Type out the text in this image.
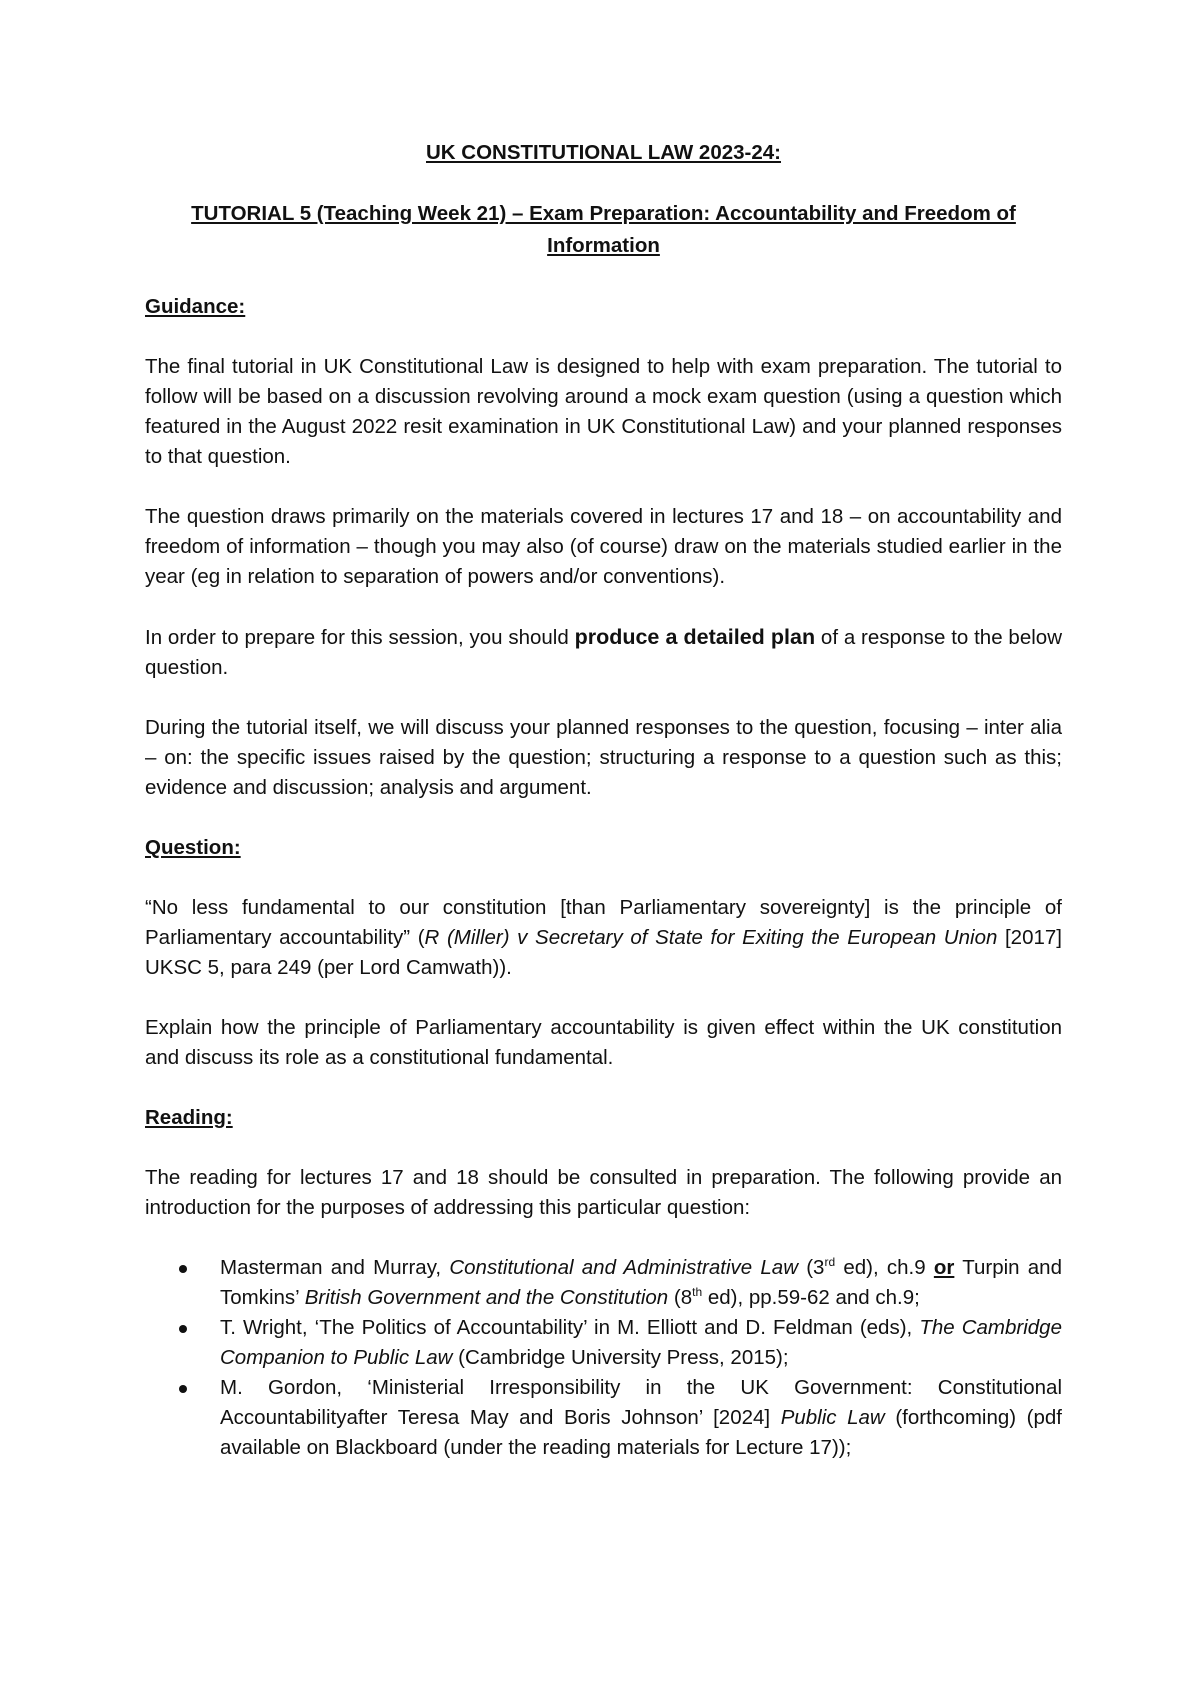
UK CONSTITUTIONAL LAW 2023-24:

TUTORIAL 5 (Teaching Week 21) – Exam Preparation: Accountability and Freedom of Information

Guidance:

The final tutorial in UK Constitutional Law is designed to help with exam preparation. The tutorial to follow will be based on a discussion revolving around a mock exam question (using a question which featured in the August 2022 resit examination in UK Constitutional Law) and your planned responses to that question.

The question draws primarily on the materials covered in lectures 17 and 18 – on accountability and freedom of information – though you may also (of course) draw on the materials studied earlier in the year (eg in relation to separation of powers and/or conventions).

In order to prepare for this session, you should produce a detailed plan of a response to the below question.

During the tutorial itself, we will discuss your planned responses to the question, focusing – inter alia – on: the specific issues raised by the question; structuring a response to a question such as this; evidence and discussion; analysis and argument.

Question:

“No less fundamental to our constitution [than Parliamentary sovereignty] is the principle of Parliamentary accountability” (R (Miller) v Secretary of State for Exiting the European Union [2017] UKSC 5, para 249 (per Lord Camwath)).

Explain how the principle of Parliamentary accountability is given effect within the UK constitution and discuss its role as a constitutional fundamental.

Reading:

The reading for lectures 17 and 18 should be consulted in preparation. The following provide an introduction for the purposes of addressing this particular question:

Masterman and Murray, Constitutional and Administrative Law (3rd ed), ch.9 or Turpin and Tomkins’ British Government and the Constitution (8th ed), pp.59-62 and ch.9;
T. Wright, ‘The Politics of Accountability’ in M. Elliott and D. Feldman (eds), The Cambridge Companion to Public Law (Cambridge University Press, 2015);
M. Gordon, ‘Ministerial Irresponsibility in the UK Government: Constitutional Accountabilityafter Teresa May and Boris Johnson’ [2024] Public Law (forthcoming) (pdf available on Blackboard (under the reading materials for Lecture 17));
